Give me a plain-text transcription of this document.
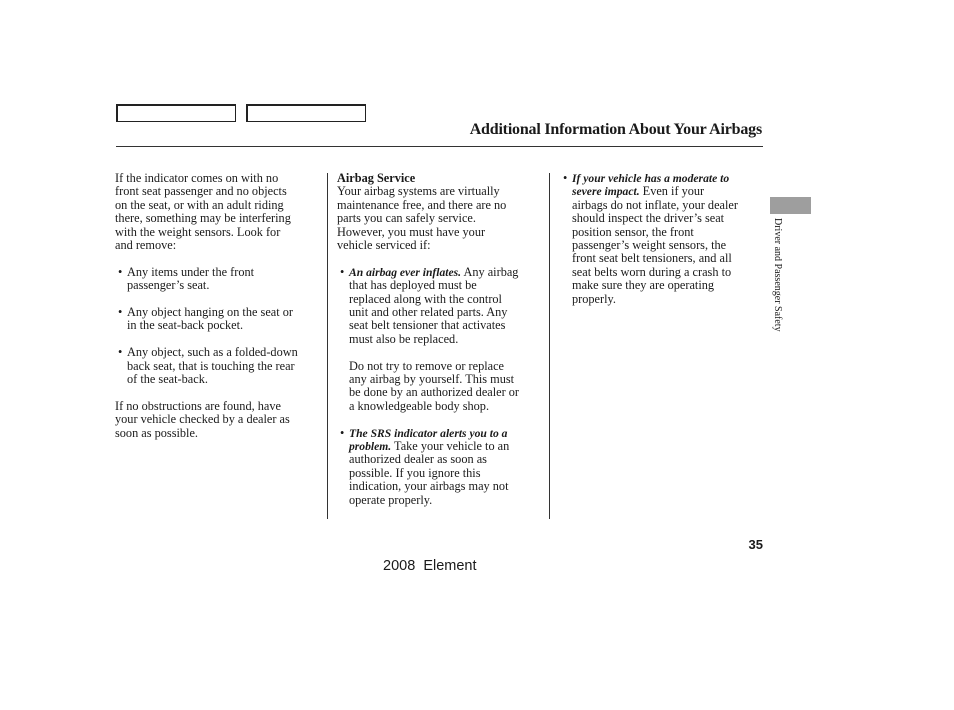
Additional Information About Your Airbags

If the indicator comes on with no

front seat passenger and no objects

on the seat, or with an adult riding

there, something may be interfering

with the weight sensors. Look for

and remove:

• Any items under the front

passenger’s seat.

• Any object hanging on the seat or

in the seat-back pocket.

• Any object, such as a folded-down

back seat, that is touching the rear

of the seat-back.

If no obstructions are found, have

your vehicle checked by a dealer as

soon as possible.

Airbag Service

Your airbag systems are virtually

maintenance free, and there are no

parts you can safely service.

However, you must have your

vehicle serviced if:

• An airbag ever inflates. Any airbag

that has deployed must be

replaced along with the control

unit and other related parts. Any

seat belt tensioner that activates

must also be replaced.

Do not try to remove or replace

any airbag by yourself. This must

be done by an authorized dealer or

a knowledgeable body shop.

• The SRS indicator alerts you to a

problem. Take your vehicle to an

authorized dealer as soon as

possible. If you ignore this

indication, your airbags may not

operate properly.

• If your vehicle has a moderate to

severe impact. Even if your

airbags do not inflate, your dealer

should inspect the driver’s seat

position sensor, the front

passenger’s weight sensors, the

front seat belt tensioners, and all

seat belts worn during a crash to

make sure they are operating

properly.	Driver and Passenger Safety
35
2008  Element
